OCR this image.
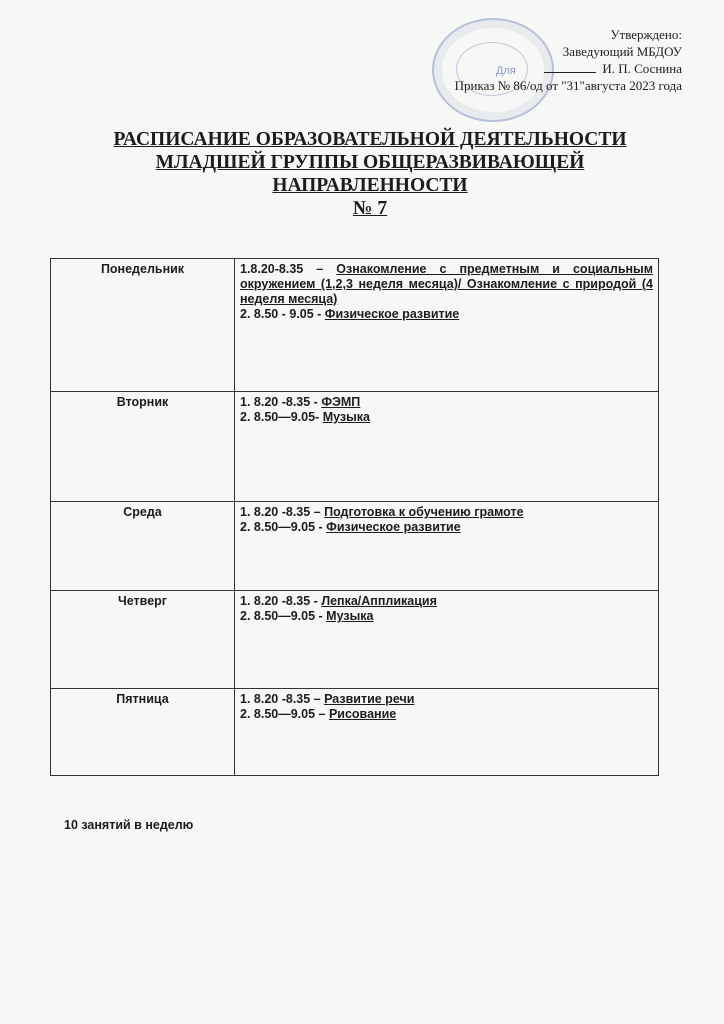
Для
Утверждено:
Заведующий МБДОУ
И. П. Соснина
Приказ № 86/од от "31"августа 2023 года
РАСПИСАНИЕ ОБРАЗОВАТЕЛЬНОЙ ДЕЯТЕЛЬНОСТИ
МЛАДШЕЙ ГРУППЫ ОБЩЕРАЗВИВАЮЩЕЙ
НАПРАВЛЕННОСТИ
№ 7
Понедельник	1.8.20-8.35 – Ознакомление с предметным и социальным окружением (1,2,3 неделя месяца)/ Ознакомление с природой (4 неделя месяца)
2. 8.50 - 9.05 - Физическое развитие

Вторник	1. 8.20 -8.35 - ФЭМП
2. 8.50—9.05- Музыка

Среда	1. 8.20 -8.35 – Подготовка к обучению грамоте
2. 8.50—9.05 - Физическое развитие

Четверг	1. 8.20 -8.35 - Лепка/Аппликация
2. 8.50—9.05 - Музыка

Пятница	1. 8.20 -8.35 – Развитие речи
2. 8.50—9.05 – Рисование
10 занятий в неделю
